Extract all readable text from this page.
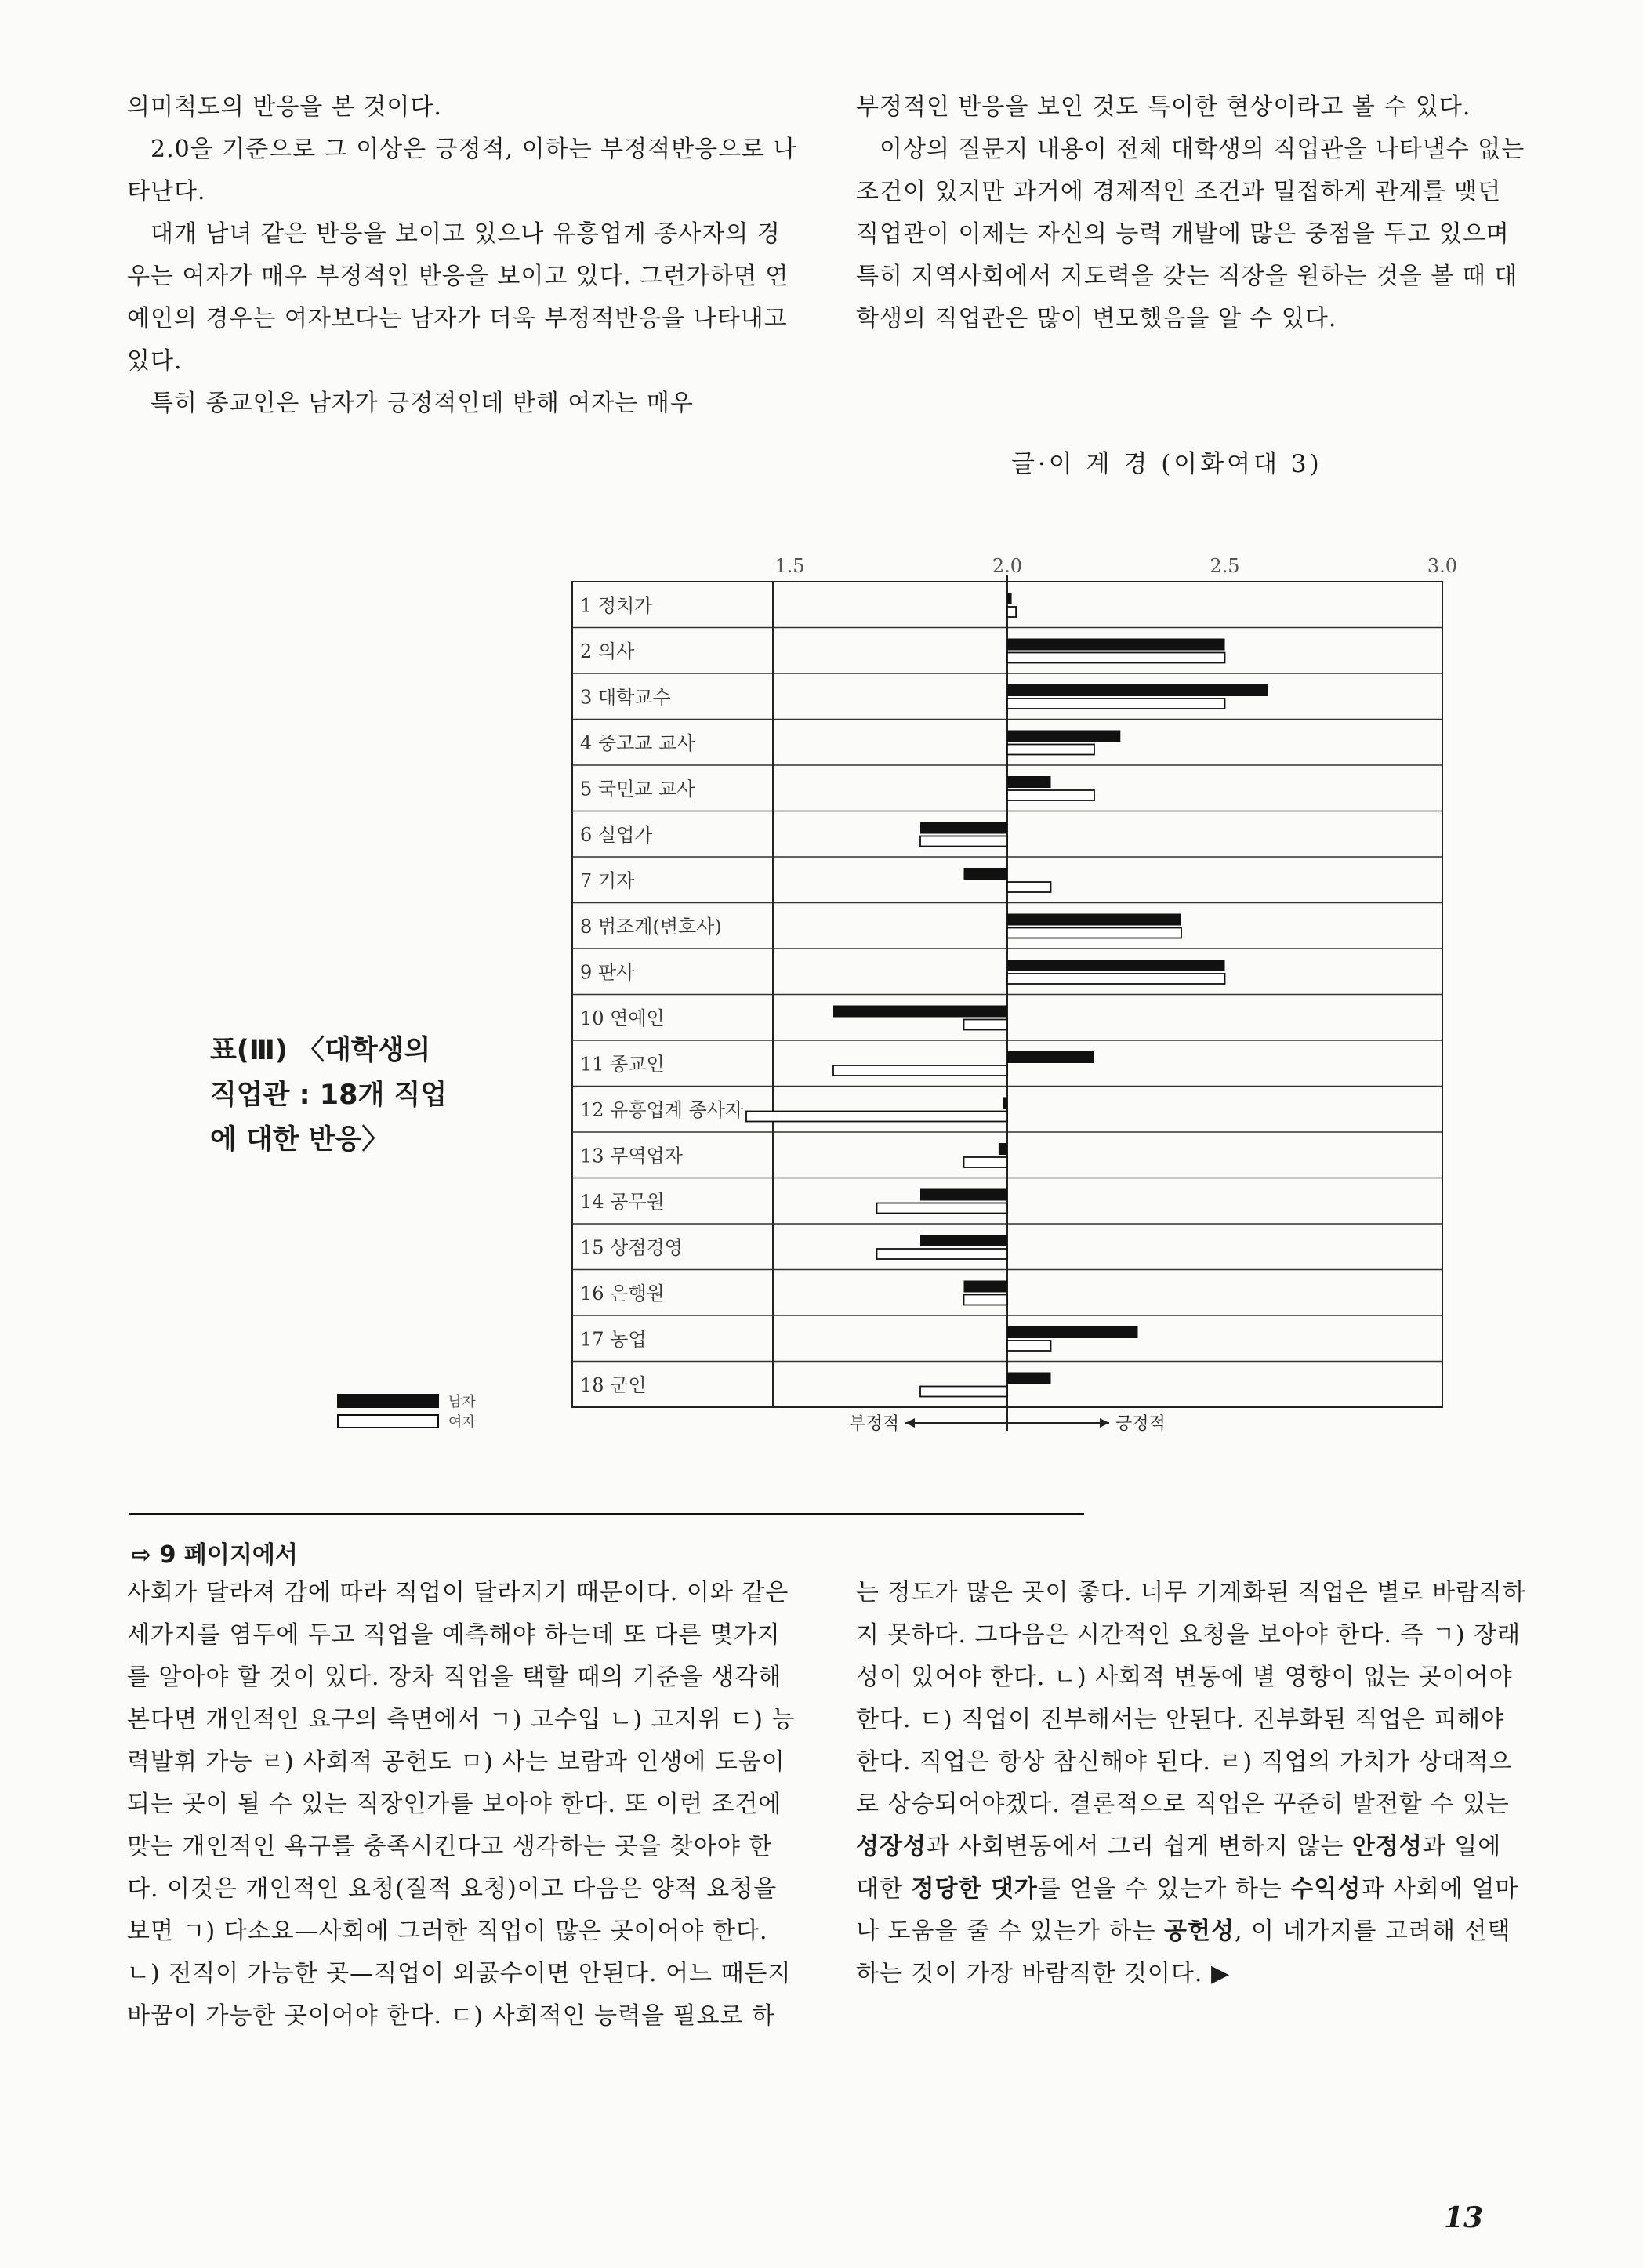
의미척도의 반응을 본 것이다.

2.0을 기준으로 그 이상은 긍정적, 이하는 부정적반응으로 나타난다.

대개 남녀 같은 반응을 보이고 있으나 유흥업계 종사자의 경우는 여자가 매우 부정적인 반응을 보이고 있다. 그런가하면 연예인의 경우는 여자보다는 남자가 더욱 부정적반응을 나타내고 있다.

특히 종교인은 남자가 긍정적인데 반해 여자는 매우

부정적인 반응을 보인 것도 특이한 현상이라고 볼 수 있다.

이상의 질문지 내용이 전체 대학생의 직업관을 나타낼수 없는 조건이 있지만 과거에 경제적인 조건과 밀접하게 관계를 맺던 직업관이 이제는 자신의 능력 개발에 많은 중점을 두고 있으며 특히 지역사회에서 지도력을 갖는 직장을 원하는 것을 볼 때 대학생의 직업관은 많이 변모했음을 알 수 있다.

글·이 계 경 (이화여대 3)
1.5	2.0	2.5	3.0
1 정치가
2 의사
3 대학교수
4 중고교 교사
5 국민교 교사
6 실업가
7 기자
8 법조계(변호사)
9 판사
10 연예인
11 종교인
12 유흥업계 종사자
13 무역업자
14 공무원
15 상점경영
16 은행원
17 농업
18 군인
부정적	긍정적
표(Ⅲ) 〈대학생의 직업관 : 18개 직업에 대한 반응〉
남자
여자
⇨ 9 페이지에서

사회가 달라져 감에 따라 직업이 달라지기 때문이다. 이와 같은 세가지를 염두에 두고 직업을 예측해야 하는데 또 다른 몇가지를 알아야 할 것이 있다. 장차 직업을 택할 때의 기준을 생각해본다면 개인적인 요구의 측면에서 ㄱ) 고수입 ㄴ) 고지위 ㄷ) 능력발휘 가능 ㄹ) 사회적 공헌도 ㅁ) 사는 보람과 인생에 도움이 되는 곳이 될 수 있는 직장인가를 보아야 한다. 또 이런 조건에 맞는 개인적인 욕구를 충족시킨다고 생각하는 곳을 찾아야 한다. 이것은 개인적인 요청(질적 요청)이고 다음은 양적 요청을 보면 ㄱ) 다소요—사회에 그러한 직업이 많은 곳이어야 한다. ㄴ) 전직이 가능한 곳—직업이 외곬수이면 안된다. 어느 때든지 바꿈이 가능한 곳이어야 한다. ㄷ) 사회적인 능력을 필요로 하

는 정도가 많은 곳이 좋다. 너무 기계화된 직업은 별로 바람직하지 못하다. 그다음은 시간적인 요청을 보아야 한다. 즉 ㄱ) 장래성이 있어야 한다. ㄴ) 사회적 변동에 별 영향이 없는 곳이어야 한다. ㄷ) 직업이 진부해서는 안된다. 진부화된 직업은 피해야 한다. 직업은 항상 참신해야 된다. ㄹ) 직업의 가치가 상대적으로 상승되어야겠다. 결론적으로 직업은 꾸준히 발전할 수 있는 성장성과 사회변동에서 그리 쉽게 변하지 않는 안정성과 일에 대한 정당한 댓가를 얻을 수 있는가 하는 수익성과 사회에 얼마나 도움을 줄 수 있는가 하는 공헌성, 이 네가지를 고려해 선택하는 것이 가장 바람직한 것이다. ▶

13
